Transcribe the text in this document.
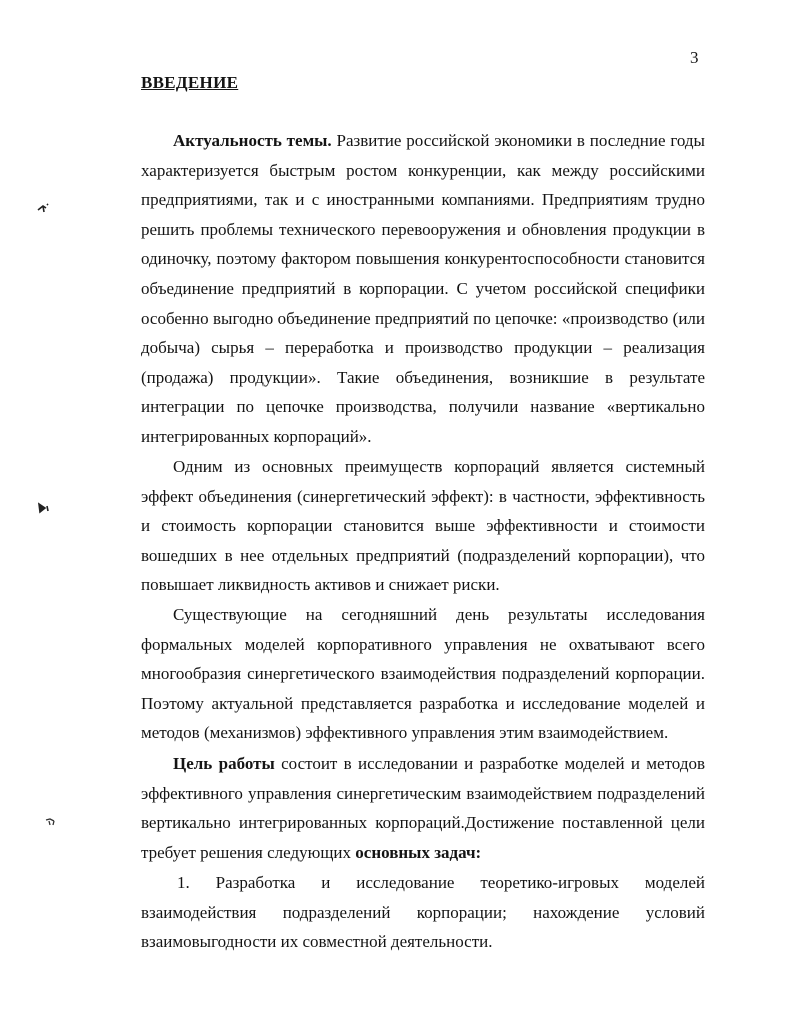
3
ВВЕДЕНИЕ

Актуальность темы. Развитие российской экономики в последние годы характеризуется быстрым ростом конкуренции, как между российскими предприятиями, так и с иностранными компаниями. Предприятиям трудно решить проблемы технического перевооружения и обновления продукции в одиночку, поэтому фактором повышения конкурентоспособности становится объединение предприятий в корпорации. С учетом российской специфики особенно выгодно объединение предприятий по цепочке: «производство (или добыча) сырья – переработка и производство продукции – реализация (продажа) продукции». Такие объединения, возникшие в результате интеграции по цепочке производства, получили название «вертикально интегрированных корпораций».

Одним из основных преимуществ корпораций является системный эффект объединения (синергетический эффект): в частности, эффективность и стоимость корпорации становится выше эффективности и стоимости вошедших в нее отдельных предприятий (подразделений корпорации), что повышает ликвидность активов и снижает риски.

Существующие на сегодняшний день результаты исследования формальных моделей корпоративного управления не охватывают всего многообразия синергетического взаимодействия подразделений корпорации. Поэтому актуальной представляется разработка и исследование моделей и методов (механизмов) эффективного управления этим взаимодействием.

Цель работы состоит в исследовании и разработке моделей и методов эффективного управления синергетическим взаимодействием подразделений вертикально интегрированных корпораций.Достижение поставленной цели требует решения следующих основных задач:

1. Разработка и исследование теоретико-игровых моделей взаимодействия подразделений корпорации; нахождение условий взаимовыгодности их совместной деятельности.
